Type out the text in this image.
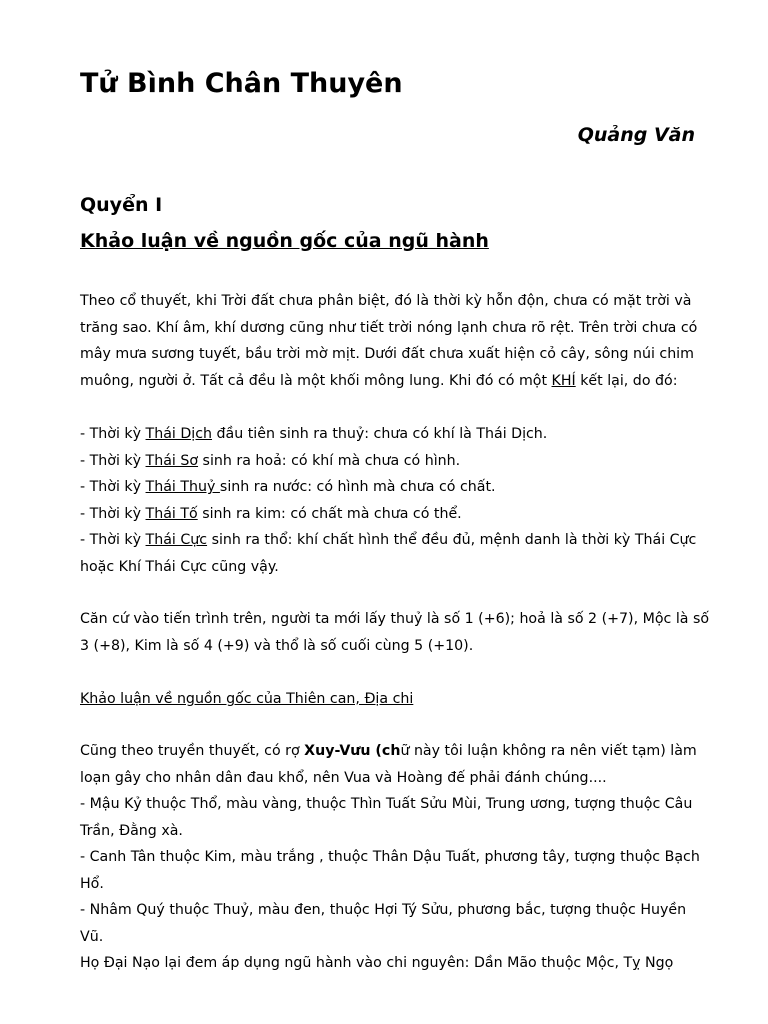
Tử Bình Chân Thuyên

Quảng Văn

Quyển I
Khảo luận về nguồn gốc của ngũ hành

Theo cổ thuyết, khi Trời đất chưa phân biệt, đó là thời kỳ hỗn độn, chưa có mặt trời và
trăng sao. Khí âm, khí dương cũng như tiết trời nóng lạnh chưa rõ rệt. Trên trời chưa có
mây mưa sương tuyết, bầu trời mờ mịt. Dưới đất chưa xuất hiện cỏ cây, sông núi chim
muông, người ở. Tất cả đều là một khối mông lung. Khi đó có một KHÍ kết lại, do đó:

- Thời kỳ Thái Dịch đầu tiên sinh ra thuỷ: chưa có khí là Thái Dịch.
- Thời kỳ Thái Sơ sinh ra hoả: có khí mà chưa có hình.
- Thời kỳ Thái Thuỷ sinh ra nước: có hình mà chưa có chất.
- Thời kỳ Thái Tố sinh ra kim: có chất mà chưa có thể.
- Thời kỳ Thái Cực sinh ra thổ: khí chất hình thể đều đủ, mệnh danh là thời kỳ Thái Cực
hoặc Khí Thái Cực cũng vậy.

Căn cứ vào tiến trình trên, người ta mới lấy thuỷ là số 1 (+6); hoả là số 2 (+7), Mộc là số
3 (+8), Kim là số 4 (+9) và thổ là số cuối cùng 5 (+10).

Khảo luận về nguồn gốc của Thiên can, Địa chi

Cũng theo truyền thuyết, có rợ Xuy-Vưu (chữ này tôi luận không ra nên viết tạm) làm
loạn gây cho nhân dân đau khổ, nên Vua và Hoàng đế phải đánh chúng....
- Mậu Kỷ thuộc Thổ, màu vàng, thuộc Thìn Tuất Sửu Mùi, Trung ương, tượng thuộc Câu
Trần, Đằng xà.
- Canh Tân thuộc Kim, màu trắng , thuộc Thân Dậu Tuất, phương tây, tượng thuộc Bạch
Hổ.
- Nhâm Quý thuộc Thuỷ, màu đen, thuộc Hợi Tý Sửu, phương bắc, tượng thuộc Huyền
Vũ.
Họ Đại Nạo lại đem áp dụng ngũ hành vào chi nguyên: Dần Mão thuộc Mộc, Tỵ Ngọ
